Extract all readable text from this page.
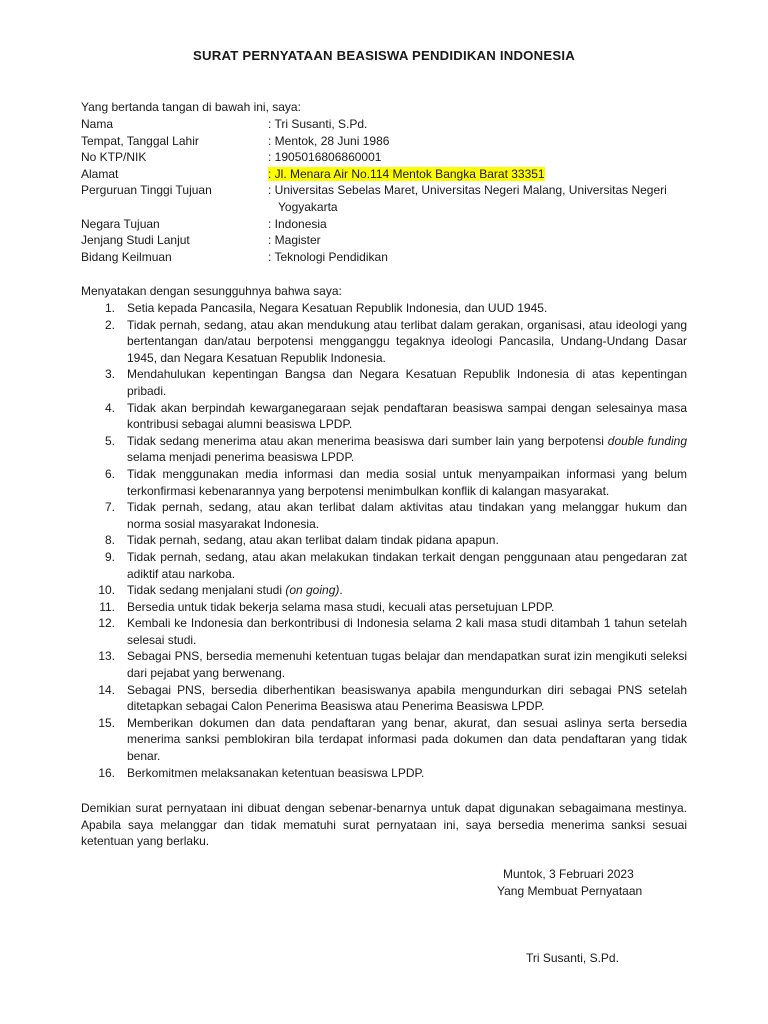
SURAT PERNYATAAN BEASISWA PENDIDIKAN INDONESIA
Yang bertanda tangan di bawah ini, saya:
Nama	: Tri Susanti, S.Pd.
Tempat, Tanggal Lahir	: Mentok, 28 Juni 1986
No KTP/NIK	: 1905016806860001
Alamat	: Jl. Menara Air No.114 Mentok Bangka Barat 33351
Perguruan Tinggi Tujuan	: Universitas Sebelas Maret, Universitas Negeri Malang, Universitas Negeri Yogyakarta
Negara Tujuan	: Indonesia
Jenjang Studi Lanjut	: Magister
Bidang Keilmuan	: Teknologi Pendidikan
Menyatakan dengan sesungguhnya bahwa saya:
1.	Setia kepada Pancasila, Negara Kesatuan Republik Indonesia, dan UUD 1945.
2.	Tidak pernah, sedang, atau akan mendukung atau terlibat dalam gerakan, organisasi, atau ideologi yang bertentangan dan/atau berpotensi mengganggu tegaknya ideologi Pancasila, Undang-Undang Dasar 1945, dan Negara Kesatuan Republik Indonesia.
3.	Mendahulukan kepentingan Bangsa dan Negara Kesatuan Republik Indonesia di atas kepentingan pribadi.
4.	Tidak akan berpindah kewarganegaraan sejak pendaftaran beasiswa sampai dengan selesainya masa kontribusi sebagai alumni beasiswa LPDP.
5.	Tidak sedang menerima atau akan menerima beasiswa dari sumber lain yang berpotensi double funding selama menjadi penerima beasiswa LPDP.
6.	Tidak menggunakan media informasi dan media sosial untuk menyampaikan informasi yang belum terkonfirmasi kebenarannya yang berpotensi menimbulkan konflik di kalangan masyarakat.
7.	Tidak pernah, sedang, atau akan terlibat dalam aktivitas atau tindakan yang melanggar hukum dan norma sosial masyarakat Indonesia.
8.	Tidak pernah, sedang, atau akan terlibat dalam tindak pidana apapun.
9.	Tidak pernah, sedang, atau akan melakukan tindakan terkait dengan penggunaan atau pengedaran zat adiktif atau narkoba.
10.	Tidak sedang menjalani studi (on going).
11.	Bersedia untuk tidak bekerja selama masa studi, kecuali atas persetujuan LPDP.
12.	Kembali ke Indonesia dan berkontribusi di Indonesia selama 2 kali masa studi ditambah 1 tahun setelah selesai studi.
13.	Sebagai PNS, bersedia memenuhi ketentuan tugas belajar dan mendapatkan surat izin mengikuti seleksi dari pejabat yang berwenang.
14.	Sebagai PNS, bersedia diberhentikan beasiswanya apabila mengundurkan diri sebagai PNS setelah ditetapkan sebagai Calon Penerima Beasiswa atau Penerima Beasiswa LPDP.
15.	Memberikan dokumen dan data pendaftaran yang benar, akurat, dan sesuai aslinya serta bersedia menerima sanksi pemblokiran bila terdapat informasi pada dokumen dan data pendaftaran yang tidak benar.
16.	Berkomitmen melaksanakan ketentuan beasiswa LPDP.
Demikian surat pernyataan ini dibuat dengan sebenar-benarnya untuk dapat digunakan sebagaimana mestinya. Apabila saya melanggar dan tidak mematuhi surat pernyataan ini, saya bersedia menerima sanksi sesuai ketentuan yang berlaku.
Muntok, 3 Februari 2023
Yang Membuat Pernyataan
Tri Susanti, S.Pd.
